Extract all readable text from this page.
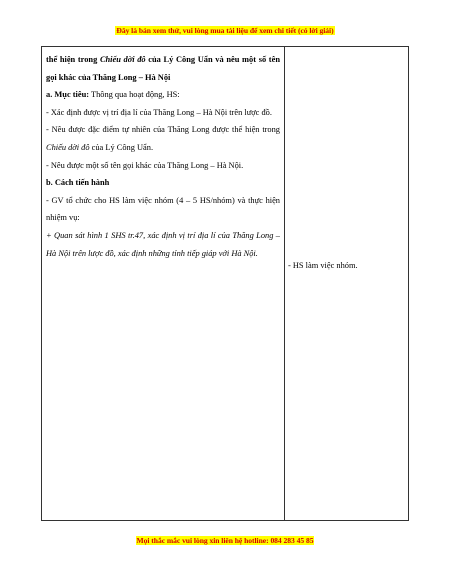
Đây là bản xem thử, vui lòng mua tài liệu để xem chi tiết (có lời giải)

thể hiện trong Chiếu dời đô của Lý Công Uẩn và nêu một số tên gọi khác của Thăng Long – Hà Nội

a. Mục tiêu: Thông qua hoạt động, HS:

- Xác định được vị trí địa lí của Thăng Long – Hà Nội trên lược đồ.

- Nêu được đặc điểm tự nhiên của Thăng Long được thể hiện trong Chiếu dời đô của Lý Công Uẩn.

- Nêu được một số tên gọi khác của Thăng Long – Hà Nội.

b. Cách tiến hành

- GV tổ chức cho HS làm việc nhóm (4 – 5 HS/nhóm) và thực hiện nhiệm vụ:

+ Quan sát hình 1 SHS tr.47, xác định vị trí địa lí của Thăng Long – Hà Nội trên lược đồ, xác định những tỉnh tiếp giáp với Hà Nội.

- HS làm việc nhóm.
Mọi thắc mắc vui lòng xin liên hệ hotline: 084 283 45 85
